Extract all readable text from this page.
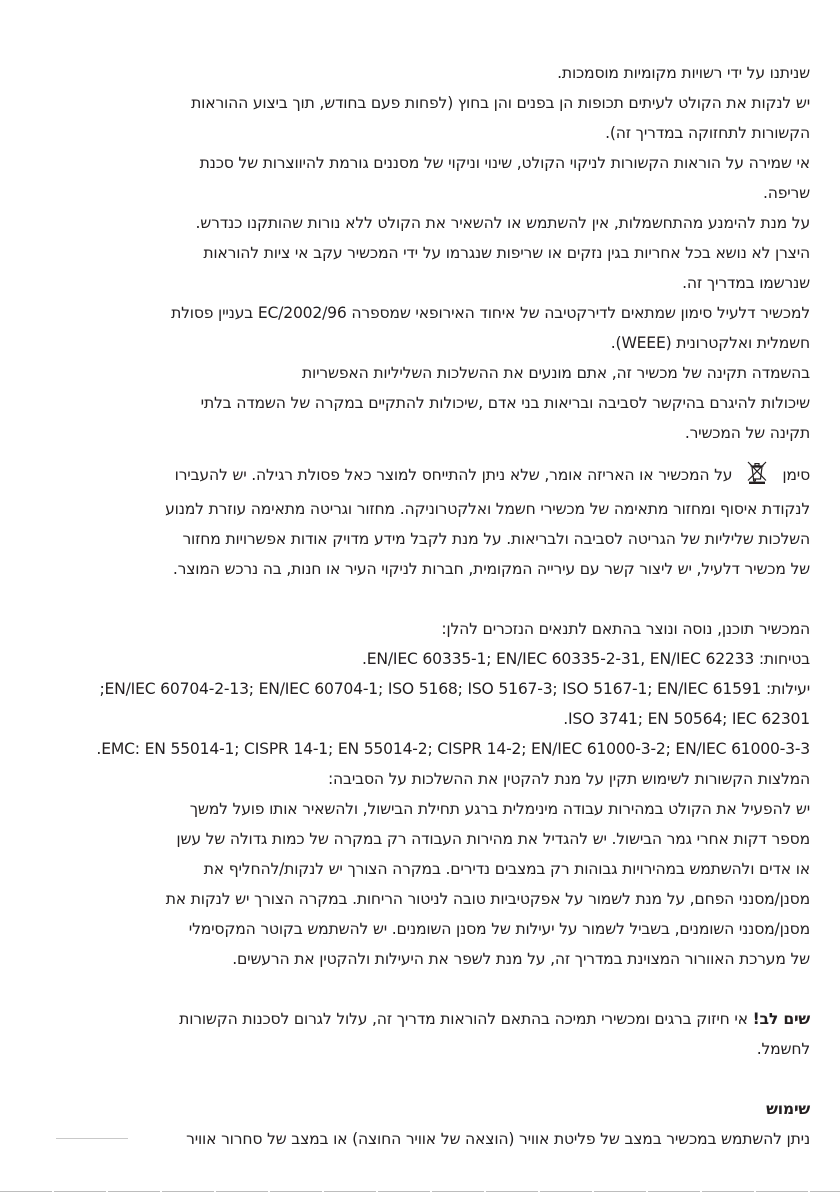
שניתנו על ידי רשויות מקומיות מוסמכות.

יש לנקות את הקולט לעיתים תכופות הן בפנים והן בחוץ (לפחות פעם בחודש, תוך ביצוע ההוראות

הקשורות לתחזוקה במדריך זה).

אי שמירה על הוראות הקשורות לניקוי הקולט, שינוי וניקוי של מסננים גורמת להיווצרות של סכנת

שריפה.

על מנת להימנע מהתחשמלות, אין להשתמש או להשאיר את הקולט ללא נורות שהותקנו כנדרש.

היצרן לא נושא בכל אחריות בגין נזקים או שריפות שנגרמו על ידי המכשיר עקב אי ציות להוראות

שנרשמו במדריך זה.

למכשיר דלעיל סימון שמתאים לדירקטיבה של איחוד האירופאי שמספרה EC/2002/96 בעניין פסולת

חשמלית ואלקטרונית (WEEE).

בהשמדה תקינה של מכשיר זה, אתם מונעים את ההשלכות השליליות האפשריות

שיכולות להיגרם בהיקשר לסביבה ובריאות בני אדם ,שיכולות להתקיים במקרה של השמדה בלתי

תקינה של המכשיר.

סימןעל המכשיר או האריזה אומר, שלא ניתן להתייחס למוצר כאל פסולת רגילה. יש להעבירו

לנקודת איסוף ומחזור מתאימה של מכשירי חשמל ואלקטרוניקה. מחזור וגריטה מתאימה עוזרת למנוע

השלכות שליליות של הגריטה לסביבה ולבריאות. על מנת לקבל מידע מדויק אודות אפשרויות מחזור

של מכשיר דלעיל, יש ליצור קשר עם עירייה המקומית, חברות לניקוי העיר או חנות, בה נרכש המוצר.

המכשיר תוכנן, נוסה ונוצר בהתאם לתנאים הנזכרים להלן:

בטיחות: EN/IEC 60335-1; EN/IEC 60335-2-31, EN/IEC 62233.

יעילות: EN/IEC 60704-2-13; EN/IEC 60704-1; ISO 5168; ISO 5167-3; ISO 5167-1; EN/IEC 61591;

ISO 3741; EN 50564; IEC 62301.

EMC: EN 55014-1; CISPR 14-1; EN 55014-2; CISPR 14-2; EN/IEC 61000-3-2; EN/IEC 61000-3-3.

המלצות הקשורות לשימוש תקין על מנת להקטין את ההשלכות על הסביבה:

יש להפעיל את הקולט במהירות עבודה מינימלית ברגע תחילת הבישול, ולהשאיר אותו פועל למשך

מספר דקות אחרי גמר הבישול. יש להגדיל את מהירות העבודה רק במקרה של כמות גדולה של עשן

או אדים ולהשתמש במהירויות גבוהות רק במצבים נדירים. במקרה הצורך יש לנקות/להחליף את

מסנן/מסנני הפחם, על מנת לשמור על אפקטיביות טובה לניטור הריחות. במקרה הצורך יש לנקות את

מסנן/מסנני השומנים, בשביל לשמור על יעילות של מסנן השומנים. יש להשתמש בקוטר המקסימלי

של מערכת האוורור המצוינת במדריך זה, על מנת לשפר את היעילות ולהקטין את הרעשים.

שים לב! אי חיזוק ברגים ומכשירי תמיכה בהתאם להוראות מדריך זה, עלול לגרום לסכנות הקשורות

לחשמל.

שימוש

ניתן להשתמש במכשיר במצב של פליטת אוויר (הוצאה של אוויר החוצה) או במצב של סחרור אוויר
